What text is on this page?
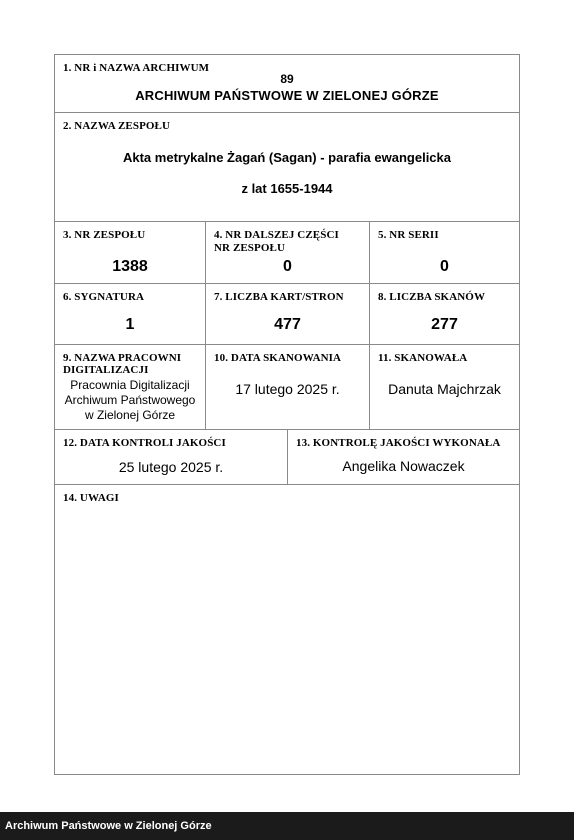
1. NR i NAZWA ARCHIWUM
89
ARCHIWUM PAŃSTWOWE W ZIELONEJ GÓRZE
2. NAZWA ZESPOŁU
Akta metrykalne Żagań (Sagan) - parafia ewangelicka
z lat 1655-1944
3. NR ZESPOŁU
1388
4. NR DALSZEJ CZĘŚCI
NR ZESPOŁU
0
5. NR SERII
0
6. SYGNATURA
1
7. LICZBA KART/STRON
477
8. LICZBA SKANÓW
277
9. NAZWA PRACOWNI
DIGITALIZACJI
Pracownia Digitalizacji
Archiwum Państwowego
w Zielonej Górze
10. DATA SKANOWANIA
17 lutego 2025 r.
11. SKANOWAŁA
Danuta Majchrzak
12. DATA KONTROLI JAKOŚCI
25 lutego 2025 r.
13. KONTROLĘ JAKOŚCI WYKONAŁA
Angelika Nowaczek
14. UWAGI
Archiwum Państwowe w Zielonej Górze
